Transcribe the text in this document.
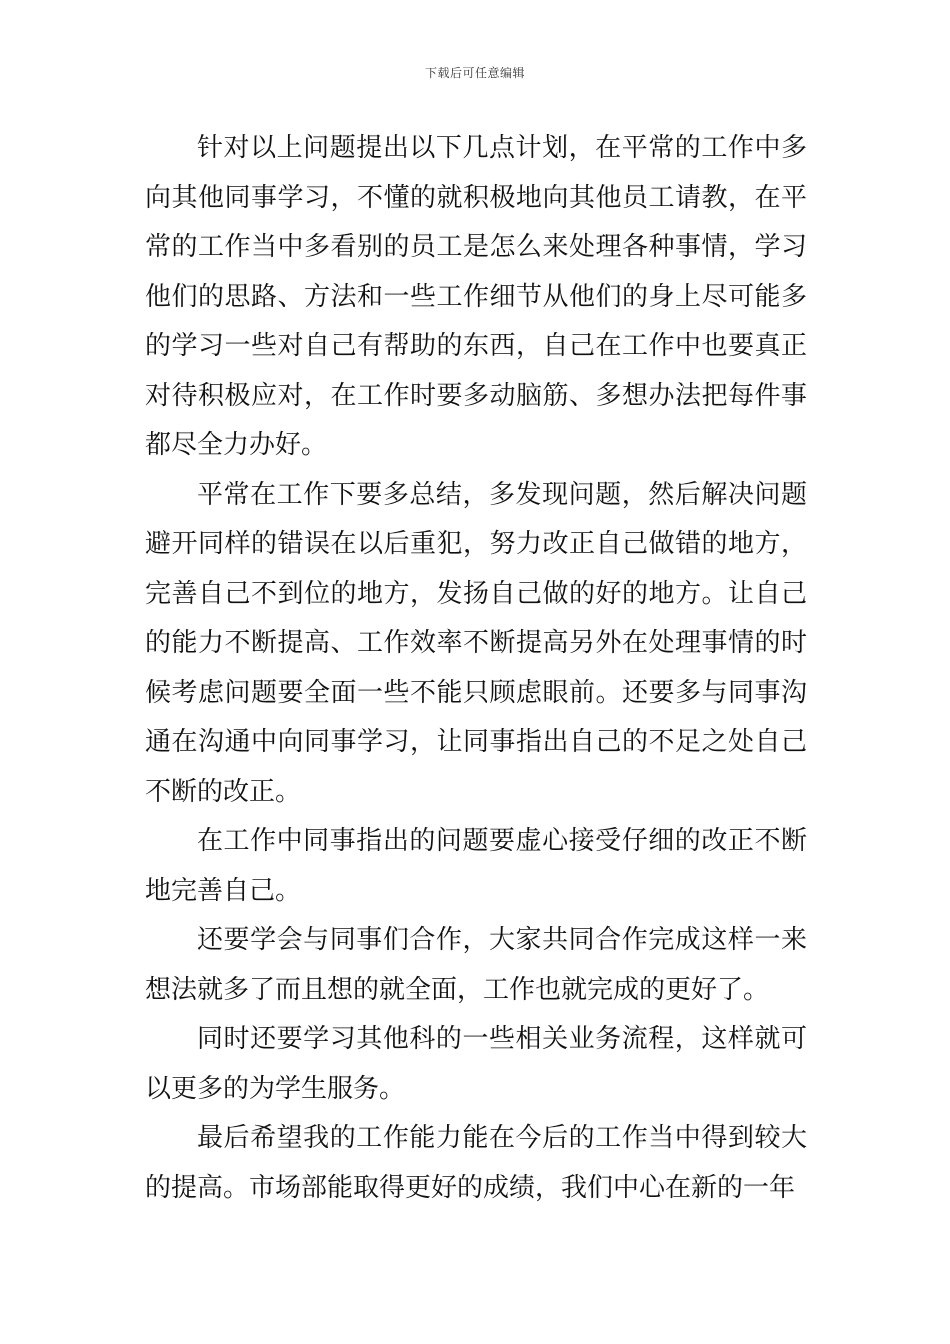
下载后可任意编辑

针对以上问题提出以下几点计划，在平常的工作中多向其他同事学习，不懂的就积极地向其他员工请教，在平常的工作当中多看别的员工是怎么来处理各种事情，学习他们的思路、方法和一些工作细节从他们的身上尽可能多的学习一些对自己有帮助的东西，自己在工作中也要真正对待积极应对，在工作时要多动脑筋、多想办法把每件事都尽全力办好。

平常在工作下要多总结，多发现问题，然后解决问题避开同样的错误在以后重犯，努力改正自己做错的地方，完善自己不到位的地方，发扬自己做的好的地方。让自己的能力不断提高、工作效率不断提高另外在处理事情的时候考虑问题要全面一些不能只顾虑眼前。还要多与同事沟通在沟通中向同事学习，让同事指出自己的不足之处自己不断的改正。

在工作中同事指出的问题要虚心接受仔细的改正不断地完善自己。

还要学会与同事们合作，大家共同合作完成这样一来想法就多了而且想的就全面，工作也就完成的更好了。

同时还要学习其他科的一些相关业务流程，这样就可以更多的为学生服务。

最后希望我的工作能力能在今后的工作当中得到较大的提高。市场部能取得更好的成绩，我们中心在新的一年
